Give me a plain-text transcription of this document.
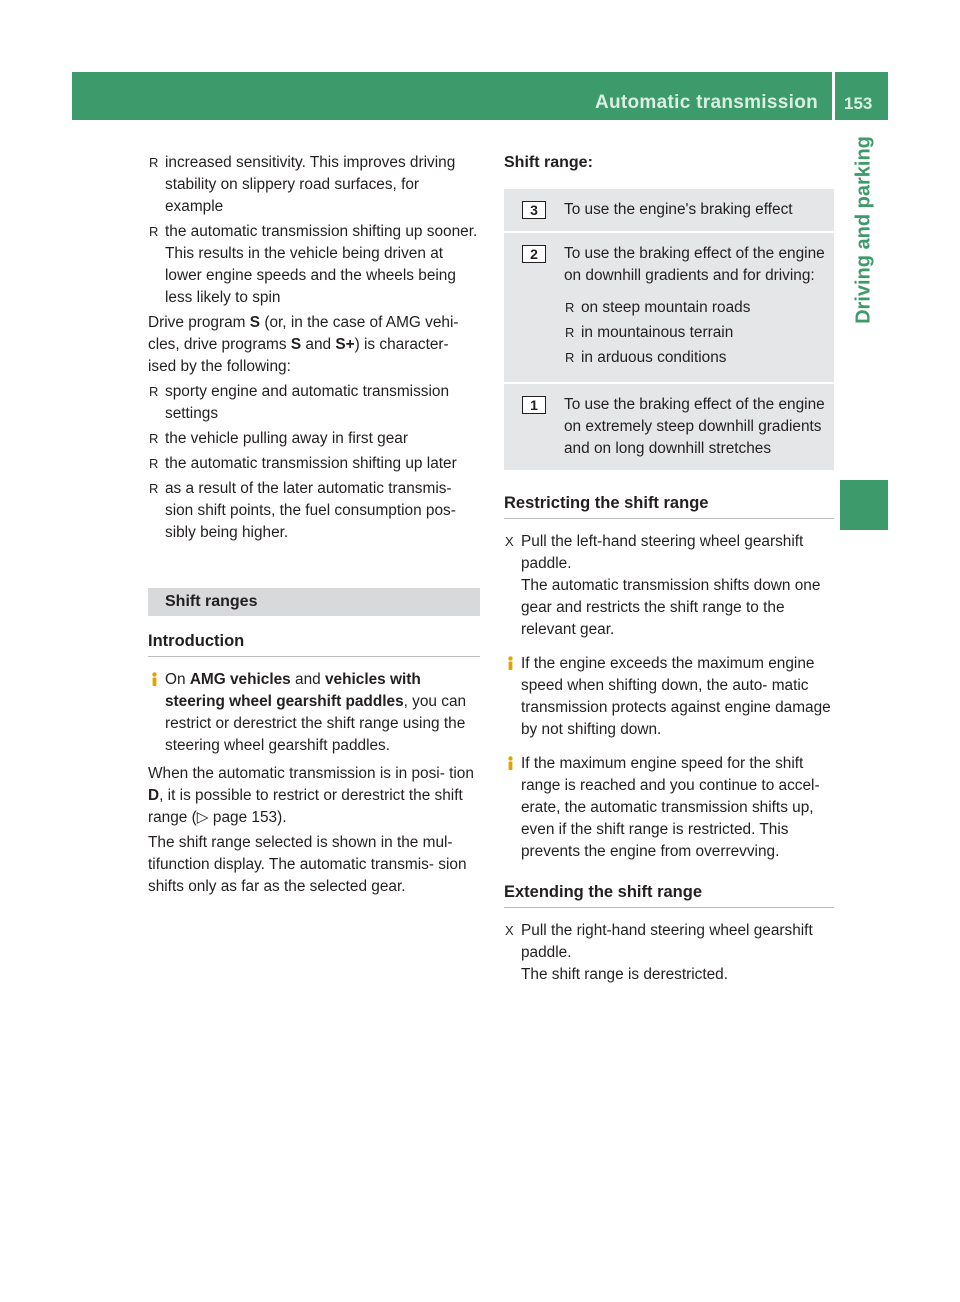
Automatic transmission 153
Driving and parking
R increased sensitivity. This improves driving stability on slippery road surfaces, for example
R the automatic transmission shifting up sooner. This results in the vehicle being driven at lower engine speeds and the wheels being less likely to spin

Drive program S (or, in the case of AMG vehi- cles, drive programs S and S+) is character- ised by the following:

R sporty engine and automatic transmission settings
R the vehicle pulling away in first gear
R the automatic transmission shifting up later
R as a result of the later automatic transmis- sion shift points, the fuel consumption pos- sibly being higher.
Shift ranges
Introduction
On AMG vehicles and vehicles with steering wheel gearshift paddles, you can restrict or derestrict the shift range using the steering wheel gearshift paddles.

When the automatic transmission is in posi- tion D, it is possible to restrict or derestrict the shift range (▷ page 153).

The shift range selected is shown in the mul- tifunction display. The automatic transmis- sion shifts only as far as the selected gear.

Shift range:
3	To use the engine's braking effect
2	To use the braking effect of the engine on downhill gradients and for driving:
R on steep mountain roads
R in mountainous terrain
R in arduous conditions
1	To use the braking effect of the engine on extremely steep downhill gradients and on long downhill stretches
Restricting the shift range
X Pull the left-hand steering wheel gearshift paddle.
The automatic transmission shifts down one gear and restricts the shift range to the relevant gear.
If the engine exceeds the maximum engine speed when shifting down, the auto- matic transmission protects against engine damage by not shifting down.
If the maximum engine speed for the shift range is reached and you continue to accel- erate, the automatic transmission shifts up, even if the shift range is restricted. This prevents the engine from overrevving.
Extending the shift range
X Pull the right-hand steering wheel gearshift paddle.
The shift range is derestricted.
